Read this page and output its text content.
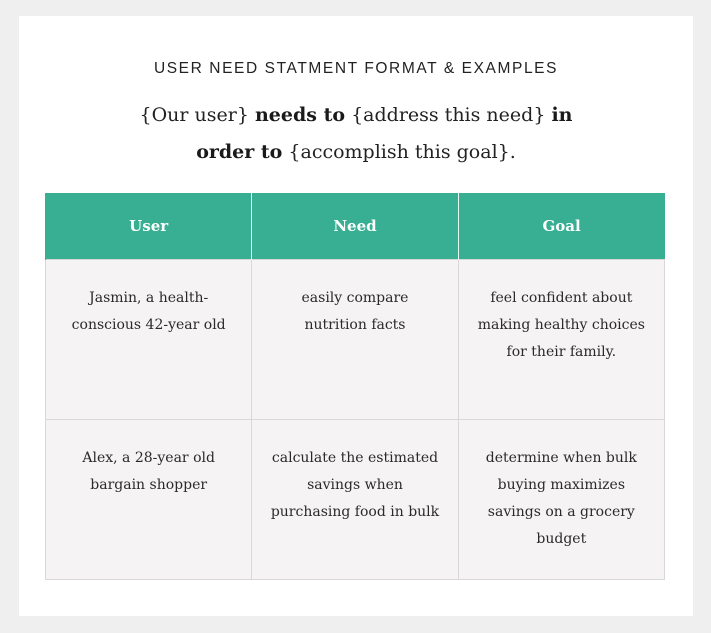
USER NEED STATMENT FORMAT & EXAMPLES
{Our user} needs to {address this need} in
order to {accomplish this goal}.
User	Need	Goal
Jasmin, a health-conscious 42-year old	easily compare nutrition facts	feel confident about making healthy choices for their family.
Alex, a 28-year old bargain shopper	calculate the estimated savings when purchasing food in bulk	determine when bulk buying maximizes savings on a grocery budget
